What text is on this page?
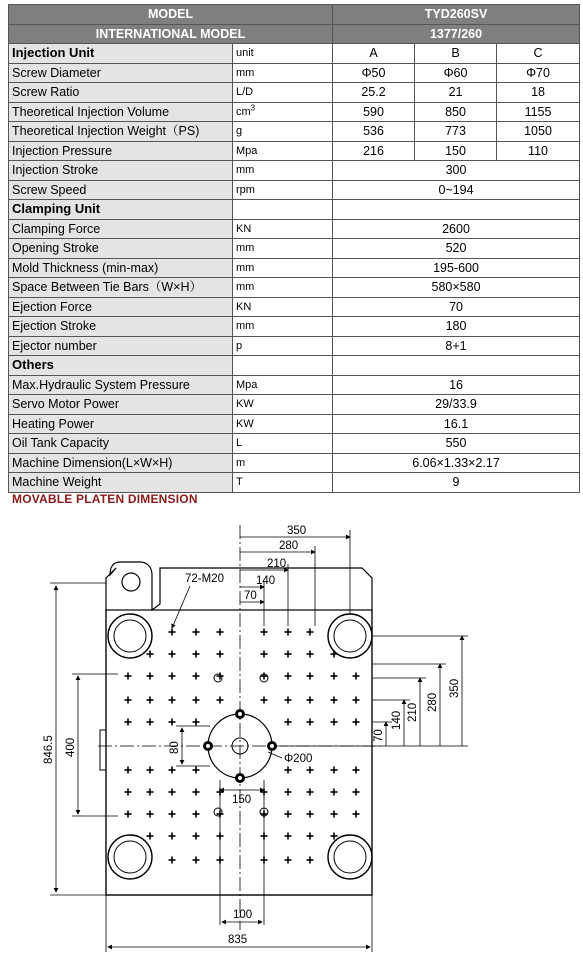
MODEL		TYD260SV		
INTERNATIONAL MODEL		1377/260		
Injection Unit	unit	A	B	C
Screw Diameter	mm	Φ50	Φ60	Φ70
Screw Ratio	L/D	25.2	21	18
Theoretical Injection Volume	$cm^3$	590	850	1155
Theoretical Injection Weight（PS)	g	536	773	1050
Injection Pressure	Mpa	216	150	110
Injection Stroke	mm	300		
Screw Speed	rpm	0~194		
Clamping Unit				
Clamping Force	KN	2600		
Opening Stroke	mm	520		
Mold Thickness (min-max)	mm	195-600		
Space Between Tie Bars（W×H）	mm	580×580		
Ejection Force	KN	70		
Ejection Stroke	mm	180		
Ejector number	p	8+1		
Others				
Max.Hydraulic System Pressure	Mpa	16		
Servo Motor Power	KW	29/33.9		
Heating Power	KW	16.1		
Oil Tank Capacity	L	550		
Machine Dimension(L×W×H)	m	6.06×1.33×2.17		
Machine Weight	T	9		
MOVABLE PLATEN DIMENSION
350
280
210
140
70
72-M20
350
280
210
140
70
846.5 400	80
Φ200
150
100
835
